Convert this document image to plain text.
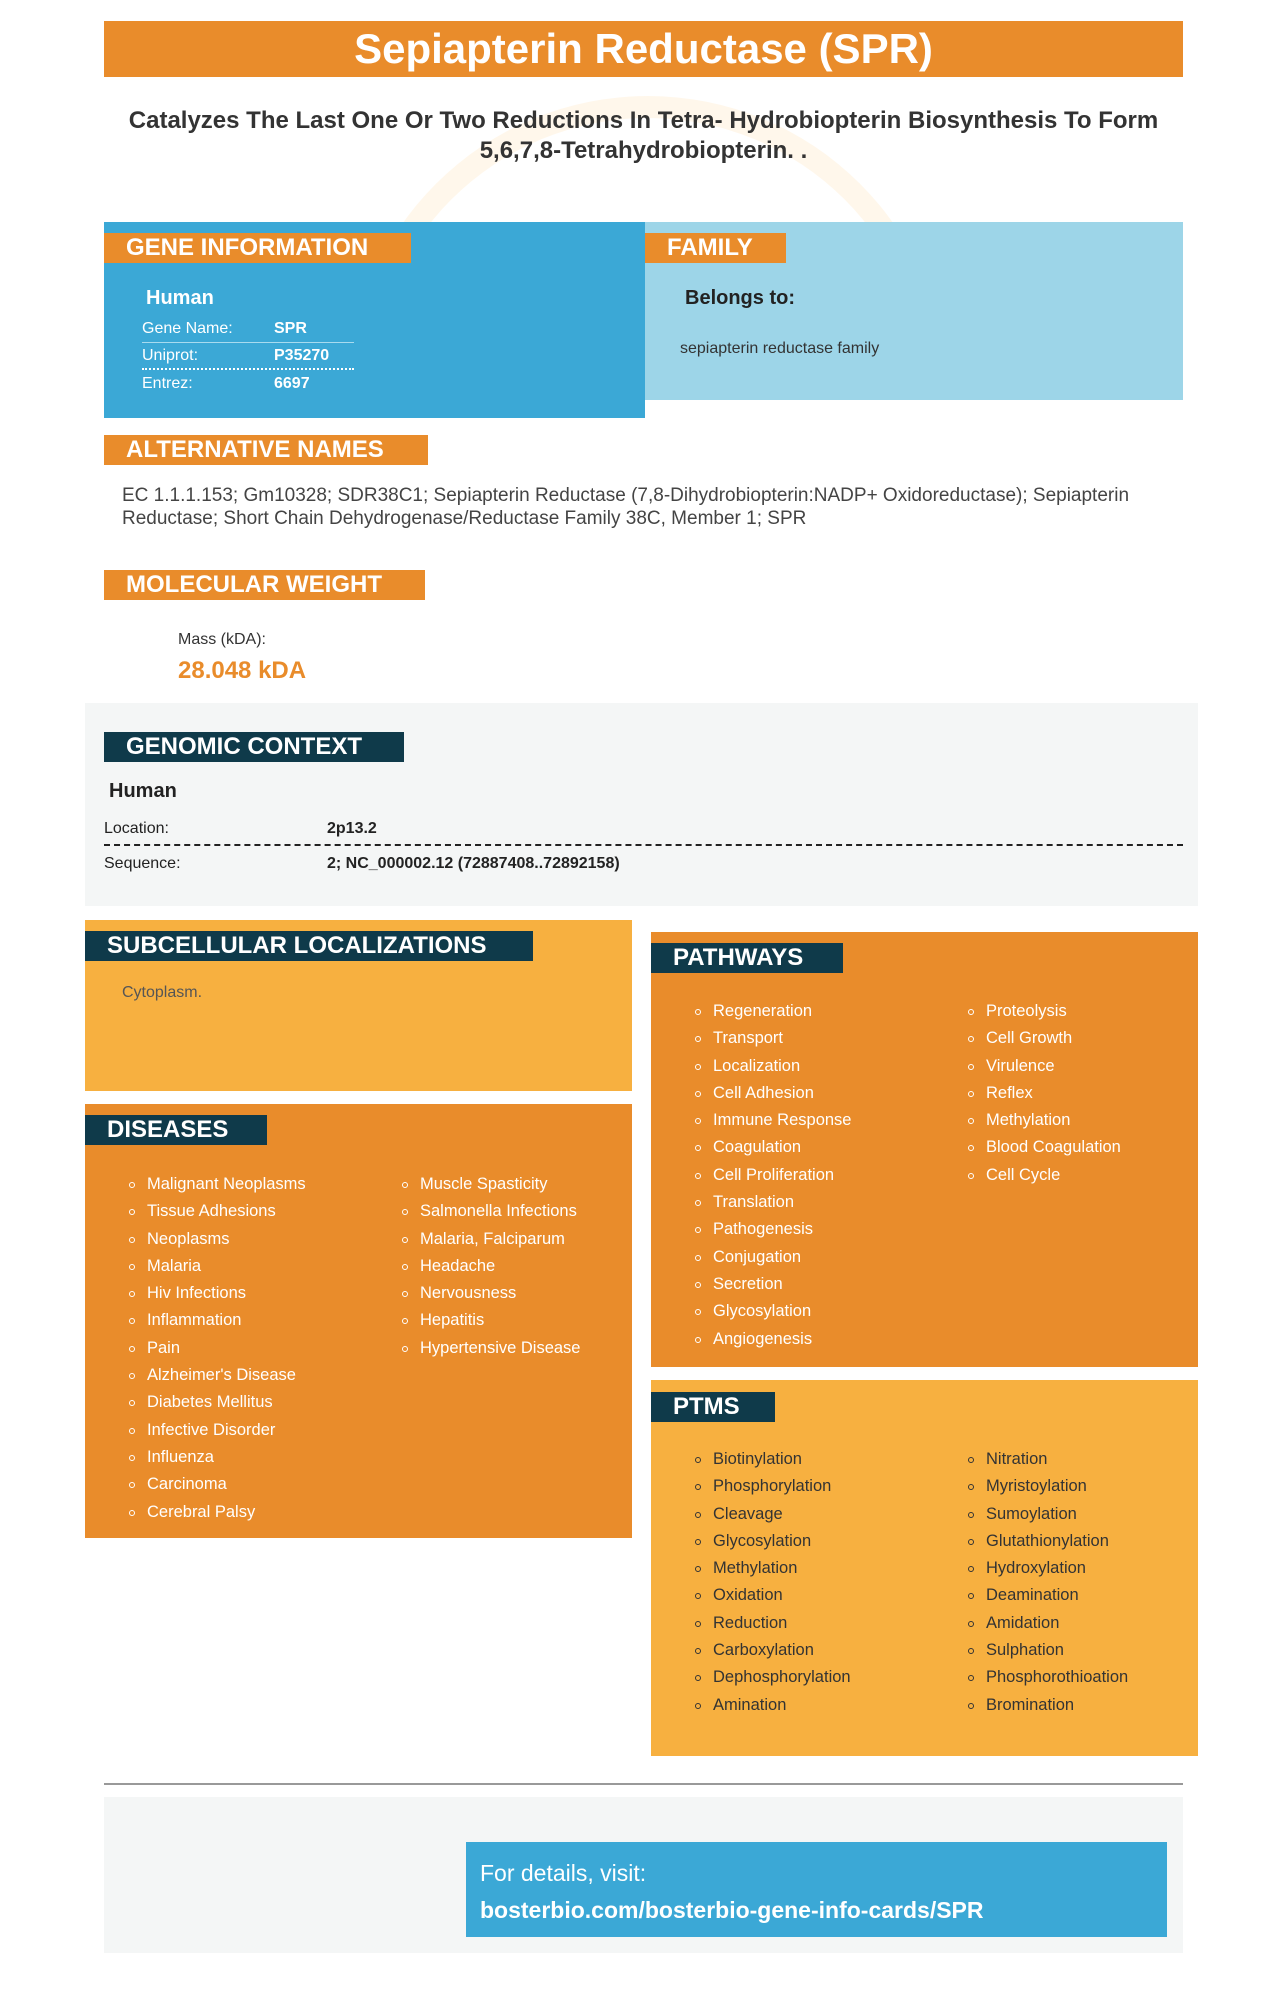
Sepiapterin Reductase (SPR)
Catalyzes The Last One Or Two Reductions In Tetra- Hydrobiopterin Biosynthesis To Form 5,6,7,8-Tetrahydrobiopterin. .
GENE INFORMATION
Human
Gene Name:	SPR
Uniprot:	P35270
Entrez:	6697
FAMILY
Belongs to:
sepiapterin reductase family
ALTERNATIVE NAMES
EC 1.1.1.153; Gm10328; SDR38C1; Sepiapterin Reductase (7,8-Dihydrobiopterin:NADP+ Oxidoreductase); Sepiapterin Reductase; Short Chain Dehydrogenase/Reductase Family 38C, Member 1; SPR
MOLECULAR WEIGHT
Mass (kDA):
28.048 kDA
GENOMIC CONTEXT
Human
Location:	2p13.2
Sequence:	2; NC_000002.12 (72887408..72892158)
SUBCELLULAR LOCALIZATIONS
Cytoplasm.
DISEASES
Malignant Neoplasms
Tissue Adhesions
Neoplasms
Malaria
Hiv Infections
Inflammation
Pain
Alzheimer's Disease
Diabetes Mellitus
Infective Disorder
Influenza
Carcinoma
Cerebral Palsy
Muscle Spasticity
Salmonella Infections
Malaria, Falciparum
Headache
Nervousness
Hepatitis
Hypertensive Disease
PATHWAYS
Regeneration
Transport
Localization
Cell Adhesion
Immune Response
Coagulation
Cell Proliferation
Translation
Pathogenesis
Conjugation
Secretion
Glycosylation
Angiogenesis
Proteolysis
Cell Growth
Virulence
Reflex
Methylation
Blood Coagulation
Cell Cycle
PTMS
Biotinylation
Phosphorylation
Cleavage
Glycosylation
Methylation
Oxidation
Reduction
Carboxylation
Dephosphorylation
Amination
Nitration
Myristoylation
Sumoylation
Glutathionylation
Hydroxylation
Deamination
Amidation
Sulphation
Phosphorothioation
Bromination
For details, visit:
bosterbio.com/bosterbio-gene-info-cards/SPR
